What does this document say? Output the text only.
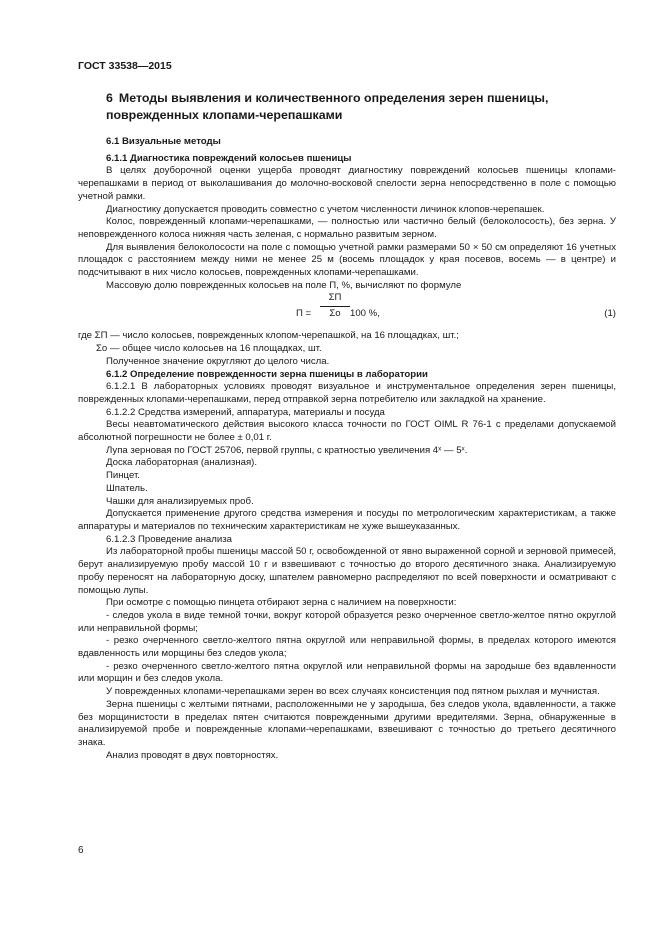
ГОСТ 33538—2015
6 Методы выявления и количественного определения зерен пшеницы, поврежденных клопами-черепашками

6.1 Визуальные методы

6.1.1 Диагностика повреждений колосьев пшеницы

В целях доуборочной оценки ущерба проводят диагностику повреждений колосьев пшеницы клопами-черепашками в период от выколашивания до молочно-восковой спелости зерна непосредственно в поле с помощью учетной рамки.

Диагностику допускается проводить совместно с учетом численности личинок клопов-черепашек.

Колос, поврежденный клопами-черепашками, — полностью или частично белый (белоколосость), без зерна. У неповрежденного колоса нижняя часть зеленая, с нормально развитым зерном.

Для выявления белоколосости на поле с помощью учетной рамки размерами 50 × 50 см определяют 16 учетных площадок с расстоянием между ними не менее 25 м (восемь площадок у края посевов, восемь — в центре) и подсчитывают в них число колосьев, поврежденных клопами-черепашками.

Массовую долю поврежденных колосьев на поле П, %, вычисляют по формуле

П =
ΣП
Σо 100 %,	(1)

где ΣП — число колосьев, поврежденных клопом-черепашкой, на 16 площадках, шт.;

Σо — общее число колосьев на 16 площадках, шт.

Полученное значение округляют до целого числа.

6.1.2 Определение поврежденности зерна пшеницы в лаборатории

6.1.2.1 В лабораторных условиях проводят визуальное и инструментальное определения зерен пшеницы, поврежденных клопами-черепашками, перед отправкой зерна потребителю или закладкой на хранение.

6.1.2.2 Средства измерений, аппаратура, материалы и посуда

Весы неавтоматического действия высокого класса точности по ГОСТ OIML R 76-1 с пределами допускаемой абсолютной погрешности не более ± 0,01 г.

Лупа зерновая по ГОСТ 25706, первой группы, с кратностью увеличения 4ˣ — 5ˣ.

Доска лабораторная (анализная).

Пинцет.

Шпатель.

Чашки для анализируемых проб.

Допускается применение другого средства измерения и посуды по метрологическим характеристикам, а также аппаратуры и материалов по техническим характеристикам не хуже вышеуказанных.

6.1.2.3 Проведение анализа

Из лабораторной пробы пшеницы массой 50 г, освобожденной от явно выраженной сорной и зерновой примесей, берут анализируемую пробу массой 10 г и взвешивают с точностью до второго десятичного знака. Анализируемую пробу переносят на лабораторную доску, шпателем равномерно распределяют по всей поверхности и осматривают с помощью лупы.

При осмотре с помощью пинцета отбирают зерна с наличием на поверхности:

- следов укола в виде темной точки, вокруг которой образуется резко очерченное светло-желтое пятно округлой или неправильной формы;

- резко очерченного светло-желтого пятна округлой или неправильной формы, в пределах которого имеются вдавленность или морщины без следов укола;

- резко очерченного светло-желтого пятна округлой или неправильной формы на зародыше без вдавленности или морщин и без следов укола.

У поврежденных клопами-черепашками зерен во всех случаях консистенция под пятном рыхлая и мучнистая.

Зерна пшеницы с желтыми пятнами, расположенными не у зародыша, без следов укола, вдавленности, а также без морщинистости в пределах пятен считаются поврежденными другими вредителями. Зерна, обнаруженные в анализируемой пробе и поврежденные клопами-черепашками, взвешивают с точностью до третьего десятичного знака.

Анализ проводят в двух повторностях.

6
